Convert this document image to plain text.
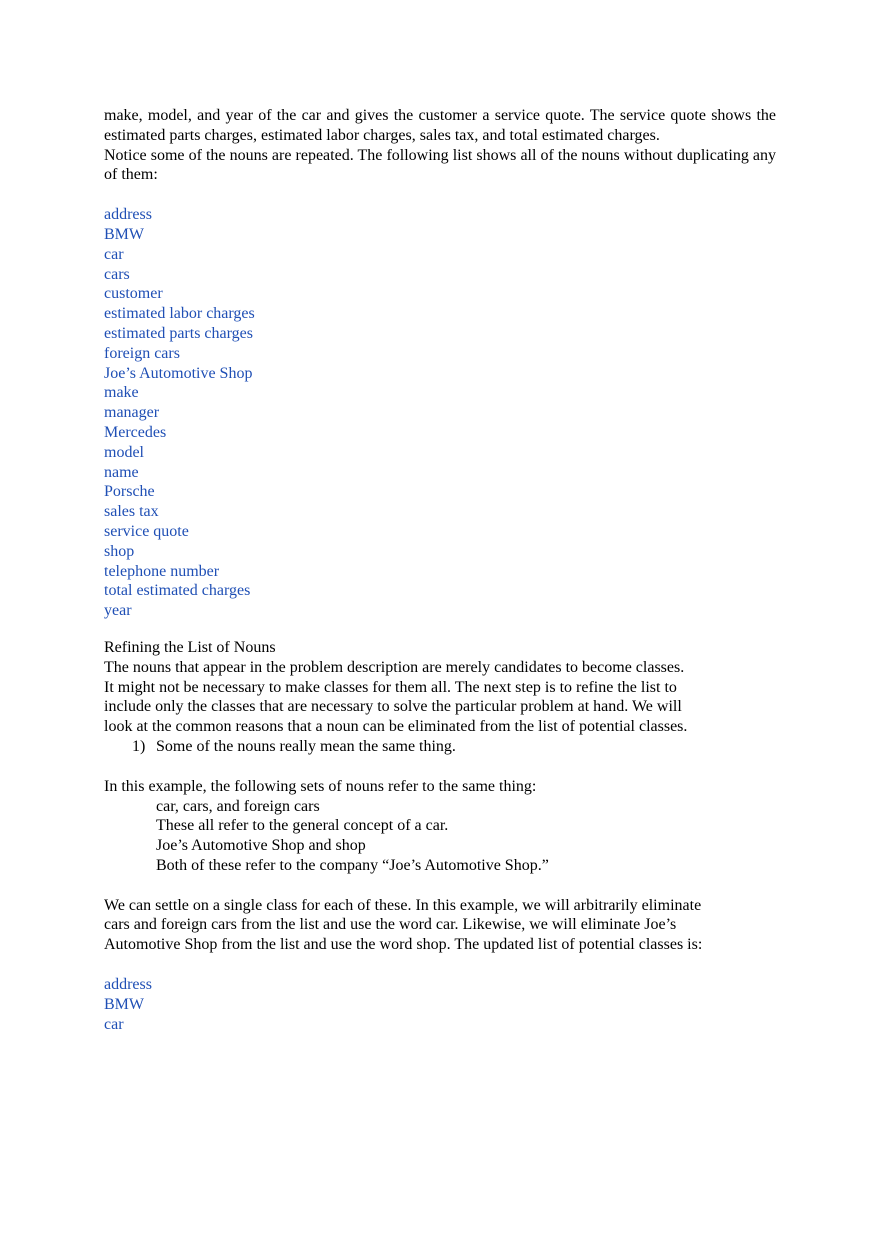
make, model, and year of the car and gives the customer a service quote. The service quote shows the estimated parts charges, estimated labor charges, sales tax, and total estimated charges.

Notice some of the nouns are repeated. The following list shows all of the nouns without duplicating any of them:

address

BMW

car

cars

customer

estimated labor charges

estimated parts charges

foreign cars

Joe’s Automotive Shop

make

manager

Mercedes

model

name

Porsche

sales tax

service quote

shop

telephone number

total estimated charges

year

Refining the List of Nouns

The nouns that appear in the problem description are merely candidates to become classes.

It might not be necessary to make classes for them all. The next step is to refine the list to

include only the classes that are necessary to solve the particular problem at hand. We will

look at the common reasons that a noun can be eliminated from the list of potential classes.

1) Some of the nouns really mean the same thing.

In this example, the following sets of nouns refer to the same thing:

car, cars, and foreign cars

These all refer to the general concept of a car.

Joe’s Automotive Shop and shop

Both of these refer to the company “Joe’s Automotive Shop.”

We can settle on a single class for each of these. In this example, we will arbitrarily eliminate

cars and foreign cars from the list and use the word car. Likewise, we will eliminate Joe’s

Automotive Shop from the list and use the word shop. The updated list of potential classes is:

address

BMW

car
